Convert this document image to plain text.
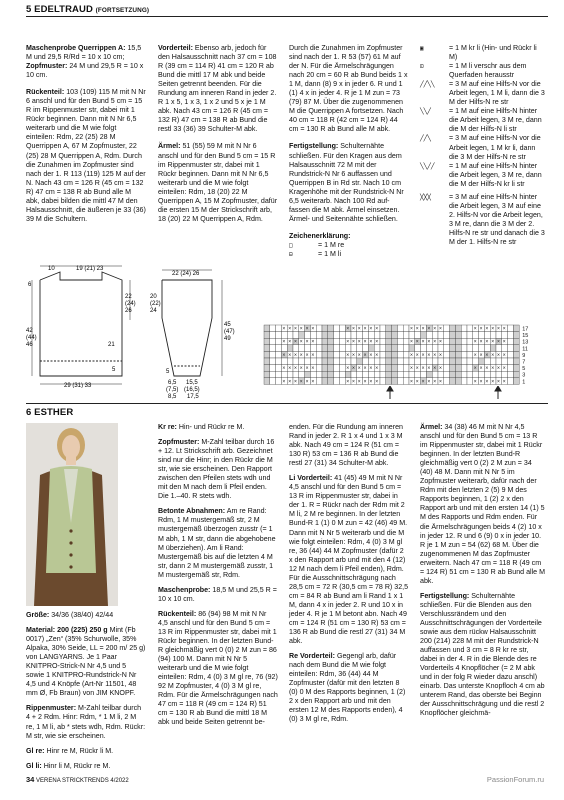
5 EDELTRAUD (FORTSETZUNG)

Maschenprobe Querrippen A: 15,5 M und 29,5 R/Rd = 10 x 10 cm; Zopfmuster: 24 M und 29,5 R = 10 x 10 cm.

Rückenteil: 103 (109) 115 M mit N Nr 6 anschl und für den Bund 5 cm = 15 R im Rippenmuster str, dabei mit 1 Rückr beginnen. Dann mit N Nr 6,5 weiterarb und die M wie folgt einteilen: Rdm, 22 (25) 28 M Querrippen A, 67 M Zopfmuster, 22 (25) 28 M Querrippen A, Rdm. Durch die Zunahmen im Zopfmuster sind nach der 1. R 113 (119) 125 M auf der N. Nach 43 cm = 126 R (45 cm = 132 R) 47 cm = 138 R ab Bund alle M abk, dabei bilden die mittl 47 M den Halsausschnitt, die äußeren je 33 (36) 39 M die Schultern.

Vorderteil: Ebenso arb, jedoch für den Halsausschnitt nach 37 cm = 108 R (39 cm = 114 R) 41 cm = 120 R ab Bund die mittl 17 M abk und beide Seiten getrennt beenden. Für die Rundung am inneren Rand in jeder 2. R 1 x 5, 1 x 3, 1 x 2 und 5 x je 1 M abk. Nach 43 cm = 126 R (45 cm = 132 R) 47 cm = 138 R ab Bund die restl 33 (36) 39 Schulter-M abk.

Ärmel: 51 (55) 59 M mit N Nr 6 anschl und für den Bund 5 cm = 15 R im Rippenmuster str, dabei mit 1 Rückr beginnen. Dann mit N Nr 6,5 weiterarb und die M wie folgt einteilen: Rdm, 18 (20) 22 M Querrippen A, 15 M Zopfmuster, dafür die ersten 15 M der Strickschrift arb, 18 (20) 22 M Querrippen A, Rdm.

Durch die Zunahmen im Zopfmuster sind nach der 1. R 53 (57) 61 M auf der N. Für die Ärmelschrägungen nach 20 cm = 60 R ab Bund beids 1 x 1 M, dann (8) 9 x in jeder 6. R und 1 (1) 4 x in jeder 4. R je 1 M zun = 73 (79) 87 M. Über die zugenommenen M die Querrippen A fortsetzen. Nach 40 cm = 118 R (42 cm = 124 R) 44 cm = 130 R ab Bund alle M abk.

Fertigstellung: Schulternähte schließen. Für den Kragen aus dem Halsausschnitt 72 M mit der Rundstrick-N Nr 6 auffassen und Querrippen B in Rd str. Nach 10 cm Kragenhöhe mit der Rundstrick-N Nr 6,5 weiterarb. Nach 100 Rd auf-fassen die M abk. Ärmel einsetzen. Ärmel- und Seitennähte schließen.

Zeichenerklärung:

□	= 1 M re
⊟	= 1 M li
▣	= 1 M kr li (Hin- und Rückr li M)
⊡	= 1 M li verschr aus dem Querfaden herausstr
╱╱╲╲	= 3 M auf eine Hilfs-N vor die Arbeit legen, 1 M li, dann die 3 M der Hilfs-N re str
╲╲╱	= 1 M auf eine Hilfs-N hinter die Arbeit legen, 3 M re, dann die M der Hilfs-N li str
╱╱╲	= 3 M auf eine Hilfs-N vor die Arbeit legen, 1 M kr li, dann die 3 M der Hilfs-N re str
╲╲╱╱	= 1 M auf eine Hilfs-N hinter die Arbeit legen, 3 M re, dann die M der Hilfs-N kr li str
╳╳╳	= 3 M auf eine Hilfs-N hinter die Arbeit legen, 3 M auf eine 2. Hilfs-N vor die Arbeit legen, 3 M re, dann die 3 M der 2. Hilfs-N re str und danach die 3 M der 1. Hilfs-N re str
10	19 (21) 23
6
22
(24)
26
42
(44)
46	21
5
29 (31) 33
22 (24) 26
20
(22)
24
45
(47)
49
5
6,5
(7,5)
8,5
15,5
(16,5)
17,5
× × × × × ×	× × × × × ×	× × × × × ×	× × × × × ×
× × × × × ×	× × × × × ×	× × × × × ×	× × × × × ×
× × × × × ×	× × × × × ×	× × × × × ×	× × × × × ×
× × × × × ×	× × × × × ×	× × × × × ×	× × × × × ×
× × × × × ×	× × × × × ×	× × × × × ×	× × × × × ×
17
15
13
11
9
7
5
3
1
6 ESTHER

Größe: 34/36 (38/40) 42/44

Material: 200 (225) 250 g Mint (Fb 0017) „Zen“ (35% Schurwolle, 35% Alpaka, 30% Seide, LL = 200 m/ 25 g) von LANGYARNS. Je 1 Paar KNITPRO-Strick-N Nr 4,5 und 5 sowie 1 KNITPRO-Rundstrick-N Nr 4,5 und 4 Knöpfe (Art-Nr 11501, 48 mm Ø, Fb Braun) von JIM KNOPF.

Rippenmuster: M-Zahl teilbar durch 4 + 2 Rdm. Hinr: Rdm, * 1 M li, 2 M re, 1 M li, ab * stets wdh, Rdm. Rückr: M str, wie sie erscheinen.

Gl re: Hinr re M, Rückr li M.

Gl li: Hinr li M, Rückr re M.

Kr re: Hin- und Rückr re M.

Zopfmuster: M-Zahl teilbar durch 16 + 12. Lt Strickschrift arb. Gezeichnet sind nur die Hinr; in den Rückr die M str, wie sie erscheinen. Den Rapport zwischen den Pfeilen stets wdh und mit den M nach dem li Pfeil enden. Die 1.–40. R stets wdh.

Betonte Abnahmen: Am re Rand: Rdm, 1 M mustergemäß str, 2 M mustergemäß überzogen zusstr (= 1 M abh, 1 M str, dann die abgehobene M überziehen). Am li Rand: Mustergemäß bis auf die letzten 4 M str, dann 2 M mustergemäß zusstr, 1 M mustergemäß str, Rdm.

Maschenprobe: 18,5 M und 25,5 R = 10 x 10 cm.

Rückenteil: 86 (94) 98 M mit N Nr 4,5 anschl und für den Bund 5 cm = 13 R im Rippenmuster str, dabei mit 1 Rückr beginnen. In der letzten Bund-R gleichmäßig vert 0 (0) 2 M zun = 86 (94) 100 M. Dann mit N Nr 5 weiterarb und die M wie folgt einteilen: Rdm, 4 (0) 3 M gl re, 76 (92) 92 M Zopfmuster, 4 (0) 3 M gl re, Rdm. Für die Ärmelschrägungen nach 47 cm = 118 R (49 cm = 124 R) 51 cm = 130 R ab Bund die mittl 18 M abk und beide Seiten getrennt be-

enden. Für die Rundung am inneren Rand in jeder 2. R 1 x 4 und 1 x 3 M abk. Nach 49 cm = 124 R (51 cm = 130 R) 53 cm = 136 R ab Bund die restl 27 (31) 34 Schulter-M abk.

Li Vorderteil: 41 (45) 49 M mit N Nr 4,5 anschl und für den Bund 5 cm = 13 R im Rippenmuster str, dabei in der 1. R = Rückr nach der Rdm mit 2 M li, 2 M re beginnen. In der letzten Bund-R 1 (1) 0 M zun = 42 (46) 49 M. Dann mit N Nr 5 weiterarb und die M wie folgt einteilen: Rdm, 4 (0) 3 M gl re, 36 (44) 44 M Zopfmuster (dafür 2 x den Rapport arb und mit den 4 (12) 12 M nach dem li Pfeil enden), Rdm. Für die Ausschnittschrägung nach 28,5 cm = 72 R (30,5 cm = 78 R) 32,5 cm = 84 R ab Bund am li Rand 1 x 1 M, dann 4 x in jeder 2. R und 10 x in jeder 4. R je 1 M betont abn. Nach 49 cm = 124 R (51 cm = 130 R) 53 cm = 136 R ab Bund die restl 27 (31) 34 M abk.

Re Vorderteil: Gegengl arb, dafür nach dem Bund die M wie folgt einteilen: Rdm, 36 (44) 44 M Zopfmuster (dafür mit den letzten 8 (0) 0 M des Rapports beginnen, 1 (2) 2 x den Rapport arb und mit den ersten 12 M des Rapports enden), 4 (0) 3 M gl re, Rdm.

Ärmel: 34 (38) 46 M mit N Nr 4,5 anschl und für den Bund 5 cm = 13 R im Rippenmuster str, dabei mit 1 Rückr beginnen. In der letzten Bund-R gleichmäßig vert 0 (2) 2 M zun = 34 (40) 48 M. Dann mit N Nr 5 im Zopfmuster weiterarb, dafür nach der Rdm mit den letzten 2 (5) 9 M des Rapports beginnen, 1 (2) 2 x den Rapport arb und mit den ersten 14 (1) 5 M des Rapports und Rdm enden. Für die Ärmelschrägungen beids 4 (2) 10 x in jeder 12. R und 6 (9) 0 x in jeder 10. R je 1 M zun = 54 (62) 68 M. Über die zugenommenen M das Zopfmuster erweitern. Nach 47 cm = 118 R (49 cm = 124 R) 51 cm = 130 R ab Bund alle M abk.

Fertigstellung: Schulternähte schließen. Für die Blenden aus den Verschlussrändern und den Ausschnittschrägungen der Vorderteile sowie aus dem rückw Halsausschnitt 200 (214) 228 M mit der Rundstrick-N auffassen und 3 cm = 8 R kr re str, dabei in der 4. R in die Blende des re Vorderteils 4 Knopflöcher (= 2 M abk und in der folg R wieder dazu anschl) einarb. Das unterste Knopfloch 4 cm ab unterem Rand, das oberste bei Beginn der Ausschnittschrägung und die restl 2 Knopflöcher gleichmä-

34 VERENA STRICKTRENDS 4/2022	PassionForum.ru
